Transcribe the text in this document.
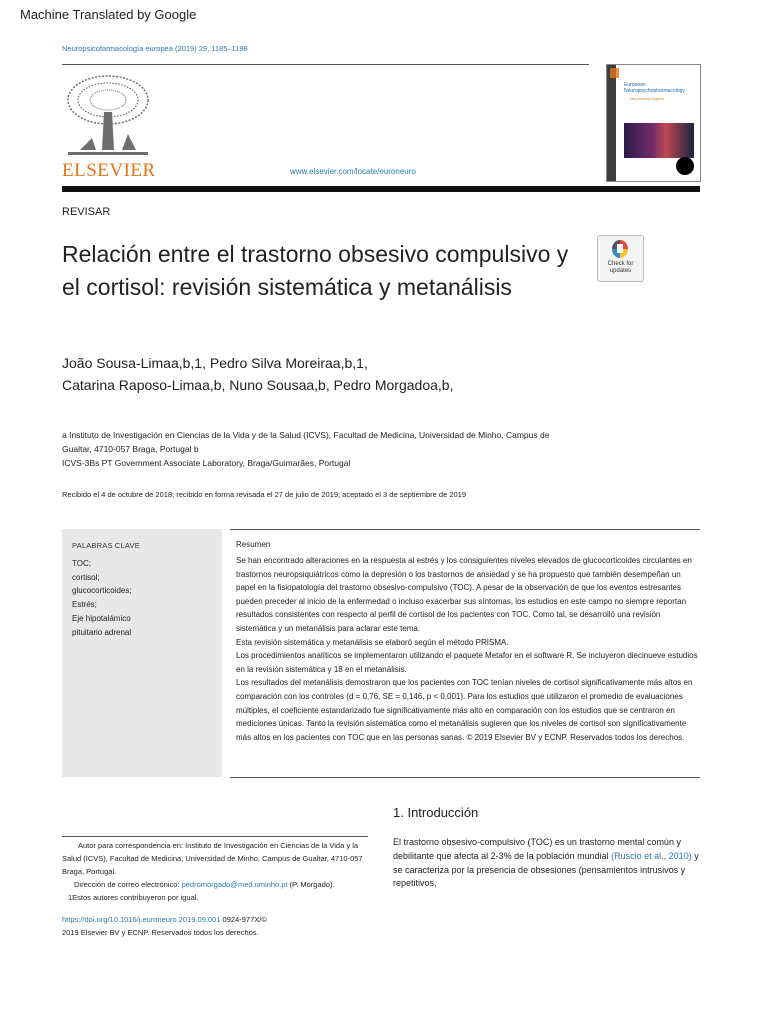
Machine Translated by Google
Neuropsicofarmacología europea (2019) 29, 1185–1198
ELSEVIER	www.elsevier.com/locate/euroneuro
European
Neuropsychopharmacology
Neuroscience Applied
REVISAR
Relación entre el trastorno obsesivo compulsivo y el cortisol: revisión sistemática y metanálisis
Check for
updates
João Sousa-Limaa,b,1, Pedro Silva Moreiraa,b,1,
Catarina Raposo-Limaa,b, Nuno Sousaa,b, Pedro Morgadoa,b,
a Instituto de Investigación en Ciencias de la Vida y de la Salud (ICVS), Facultad de Medicina, Universidad de Minho, Campus de
Gualtar, 4710-057 Braga, Portugal b
ICVS-3Bs PT Government Associate Laboratory, Braga/Guimarães, Portugal
Recibido el 4 de octubre de 2018; recibido en forma revisada el 27 de julio de 2019; aceptado el 3 de septiembre de 2019
PALABRAS CLAVE
TOC;
cortisol;
glucocorticoides;
Estrés;
Eje hipotalámico
pituitario adrenal
Resumen

Se han encontrado alteraciones en la respuesta al estrés y los consiguientes niveles elevados de glucocorticoides circulantes en trastornos neuropsiquiátricos como la depresión o los trastornos de ansiedad y se ha propuesto que también desempeñan un papel en la fisiopatología del trastorno obsesivo-compulsivo (TOC). A pesar de la observación de que los eventos estresantes pueden preceder al inicio de la enfermedad o incluso exacerbar sus síntomas, los estudios en este campo no siempre reportan resultados consistentes con respecto al perfil de cortisol de los pacientes con TOC. Como tal, se desarrolló una revisión sistemática y un metanálisis para aclarar este tema.

Esta revisión sistemática y metanálisis se elaboró según el método PRISMA.

Los procedimientos analíticos se implementaron utilizando el paquete Metafor en el software R. Se incluyeron diecinueve estudios en la revisión sistemática y 18 en el metanálisis.

Los resultados del metanálisis demostraron que los pacientes con TOC tenían niveles de cortisol significativamente más altos en comparación con los controles (d = 0,76, SE = 0,146, p < 0,001). Para los estudios que utilizaron el promedio de evaluaciones múltiples, el coeficiente estandarizado fue significativamente más alto en comparación con los estudios que se centraron en mediciones únicas. Tanto la revisión sistemática como el metanálisis sugieren que los niveles de cortisol son significativamente más altos en los pacientes con TOC que en las personas sanas. © 2019 Elsevier BV y ECNP. Reservados todos los derechos.

1. Introducción
El trastorno obsesivo-compulsivo (TOC) es un trastorno mental común y debilitante que afecta al 2-3% de la población mundial (Ruscio et al., 2010) y se caracteriza por la presencia de obsesiones (pensamientos intrusivos y repetitivos,

Autor para correspondencia en: Instituto de Investigación en Ciencias de la Vida y la Salud (ICVS), Facultad de Medicina, Universidad de Minho, Campus de Gualtar, 4710-057 Braga, Portugal.

Dirección de correo electrónico: pedromorgado@med.uminho.pt (P. Morgado).

1Estos autores contribuyeron por igual.

https://doi.org/10.1016/j.euroneuro.2019.09.001 0924-977X/©
2019 Elsevier BV y ECNP. Reservados todos los derechos.
